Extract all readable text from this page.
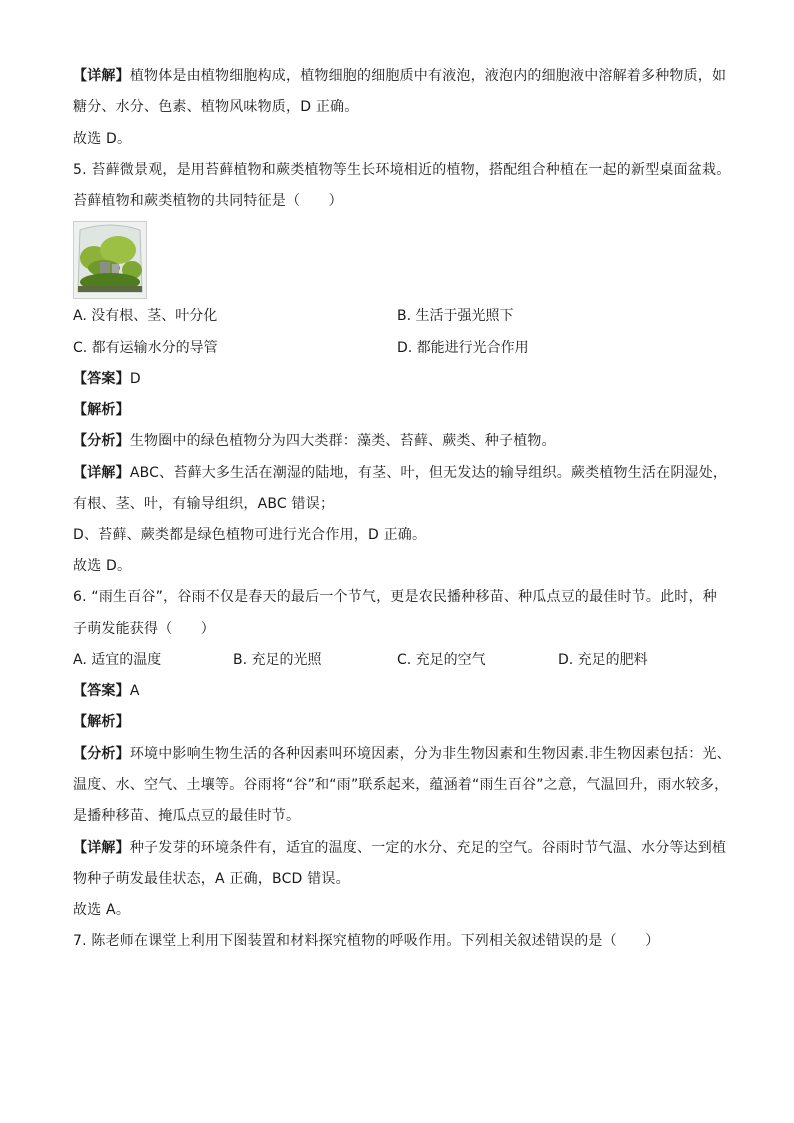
【详解】植物体是由植物细胞构成，植物细胞的细胞质中有液泡，液泡内的细胞液中溶解着多种物质，如
糖分、水分、色素、植物风味物质，D 正确。
故选 D。
5. 苔藓微景观，是用苔藓植物和蕨类植物等生长环境相近的植物，搭配组合种植在一起的新型桌面盆栽。
苔藓植物和蕨类植物的共同特征是（　　）
A. 没有根、茎、叶分化	B. 生活于强光照下
C. 都有运输水分的导管	D. 都能进行光合作用
【答案】D
【解析】
【分析】生物圈中的绿色植物分为四大类群：藻类、苔藓、蕨类、种子植物。
【详解】ABC、苔藓大多生活在潮湿的陆地，有茎、叶，但无发达的输导组织。蕨类植物生活在阴湿处，
有根、茎、叶，有输导组织，ABC 错误；
D、苔藓、蕨类都是绿色植物可进行光合作用，D 正确。
故选 D。
6. “雨生百谷”，谷雨不仅是春天的最后一个节气，更是农民播种移苗、种瓜点豆的最佳时节。此时，种
子萌发能获得（　　）
A. 适宜的温度	B. 充足的光照	C. 充足的空气	D. 充足的肥料
【答案】A
【解析】
【分析】环境中影响生物生活的各种因素叫环境因素，分为非生物因素和生物因素.非生物因素包括：光、
温度、水、空气、土壤等。谷雨将“谷”和“雨”联系起来，蕴涵着“雨生百谷”之意，气温回升，雨水较多，
是播种移苗、掩瓜点豆的最佳时节。
【详解】种子发芽的环境条件有，适宜的温度、一定的水分、充足的空气。谷雨时节气温、水分等达到植
物种子萌发最佳状态，A 正确，BCD 错误。
故选 A。
7. 陈老师在课堂上利用下图装置和材料探究植物的呼吸作用。下列相关叙述错误的是（　　）
